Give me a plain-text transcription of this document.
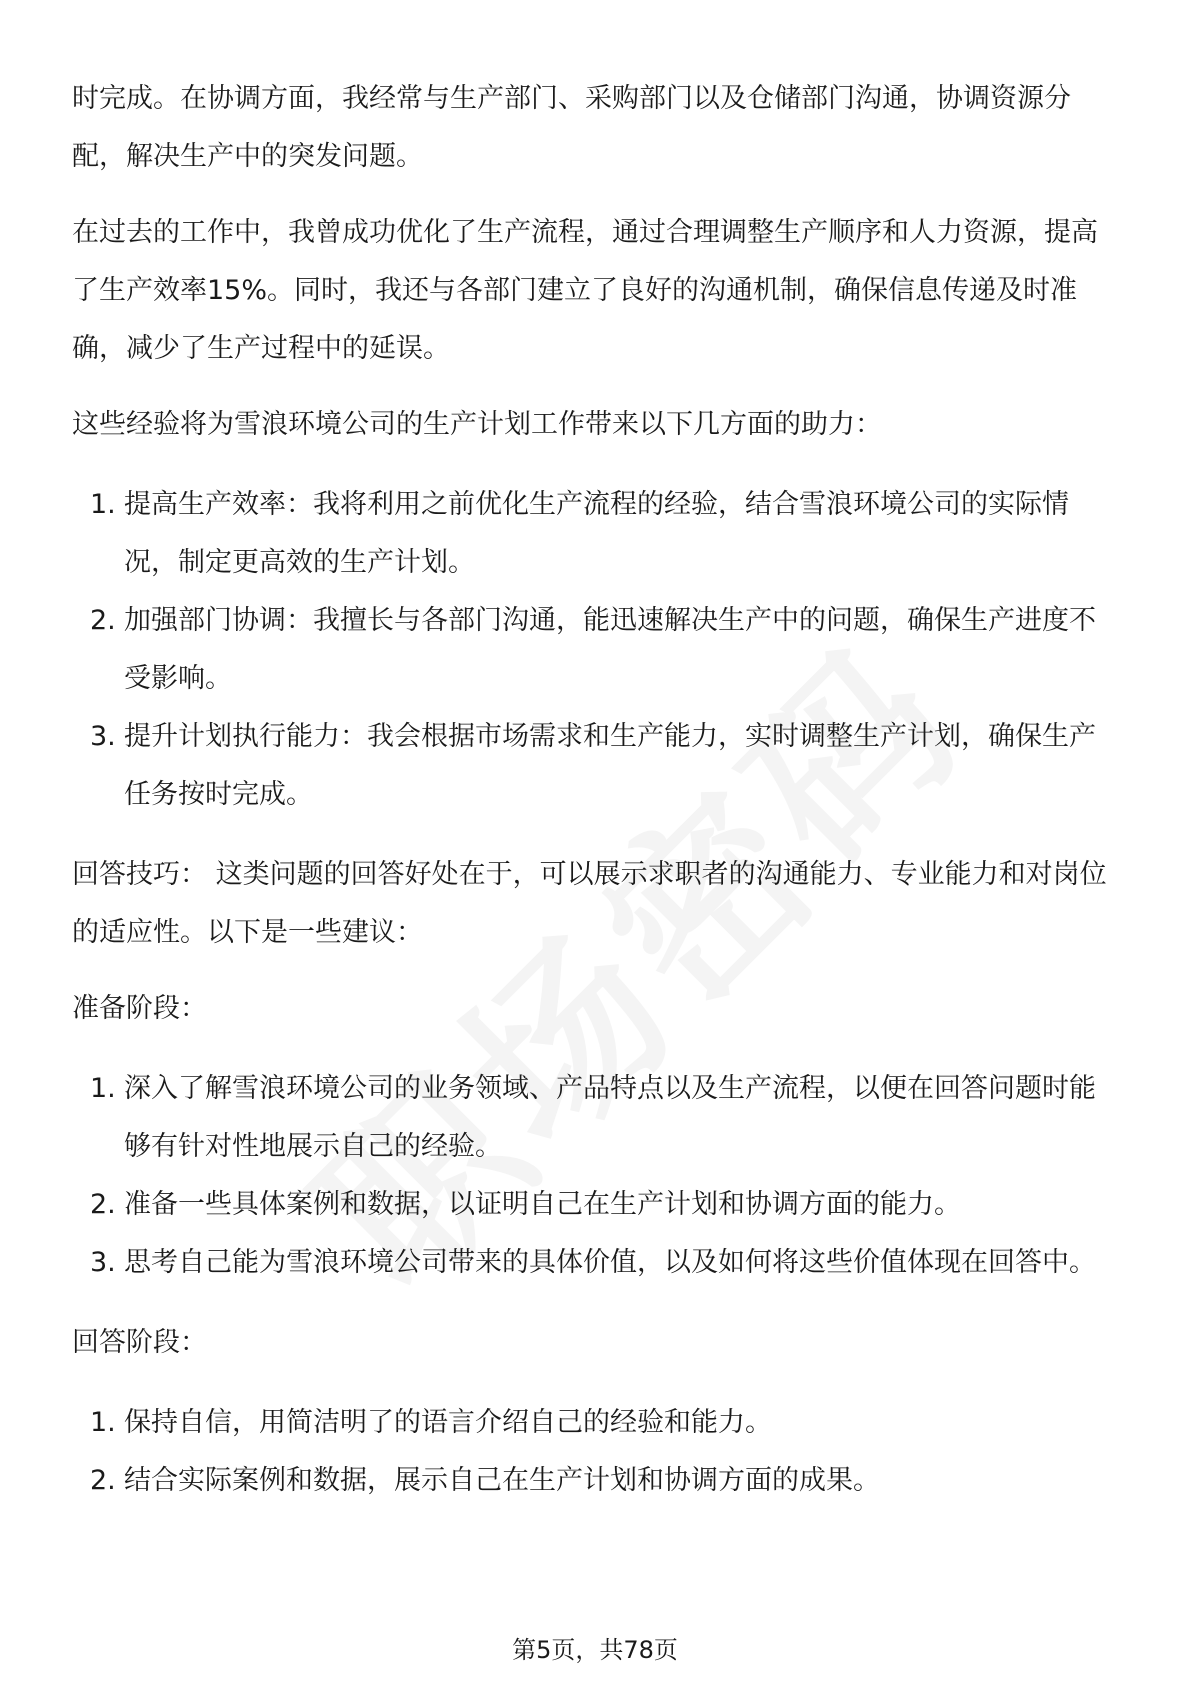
时完成。在协调方面，我经常与生产部门、采购部门以及仓储部门沟通，协调资源分配，解决生产中的突发问题。

在过去的工作中，我曾成功优化了生产流程，通过合理调整生产顺序和人力资源，提高了生产效率15%。同时，我还与各部门建立了良好的沟通机制，确保信息传递及时准确，减少了生产过程中的延误。

这些经验将为雪浪环境公司的生产计划工作带来以下几方面的助力：

1. 提高生产效率：我将利用之前优化生产流程的经验，结合雪浪环境公司的实际情况，制定更高效的生产计划。
2. 加强部门协调：我擅长与各部门沟通，能迅速解决生产中的问题，确保生产进度不受影响。
3. 提升计划执行能力：我会根据市场需求和生产能力，实时调整生产计划，确保生产任务按时完成。

回答技巧： 这类问题的回答好处在于，可以展示求职者的沟通能力、专业能力和对岗位的适应性。以下是一些建议：

准备阶段：

1. 深入了解雪浪环境公司的业务领域、产品特点以及生产流程，以便在回答问题时能够有针对性地展示自己的经验。
2. 准备一些具体案例和数据，以证明自己在生产计划和协调方面的能力。
3. 思考自己能为雪浪环境公司带来的具体价值，以及如何将这些价值体现在回答中。

回答阶段：

1. 保持自信，用简洁明了的语言介绍自己的经验和能力。
2. 结合实际案例和数据，展示自己在生产计划和协调方面的成果。
第5页，共78页
